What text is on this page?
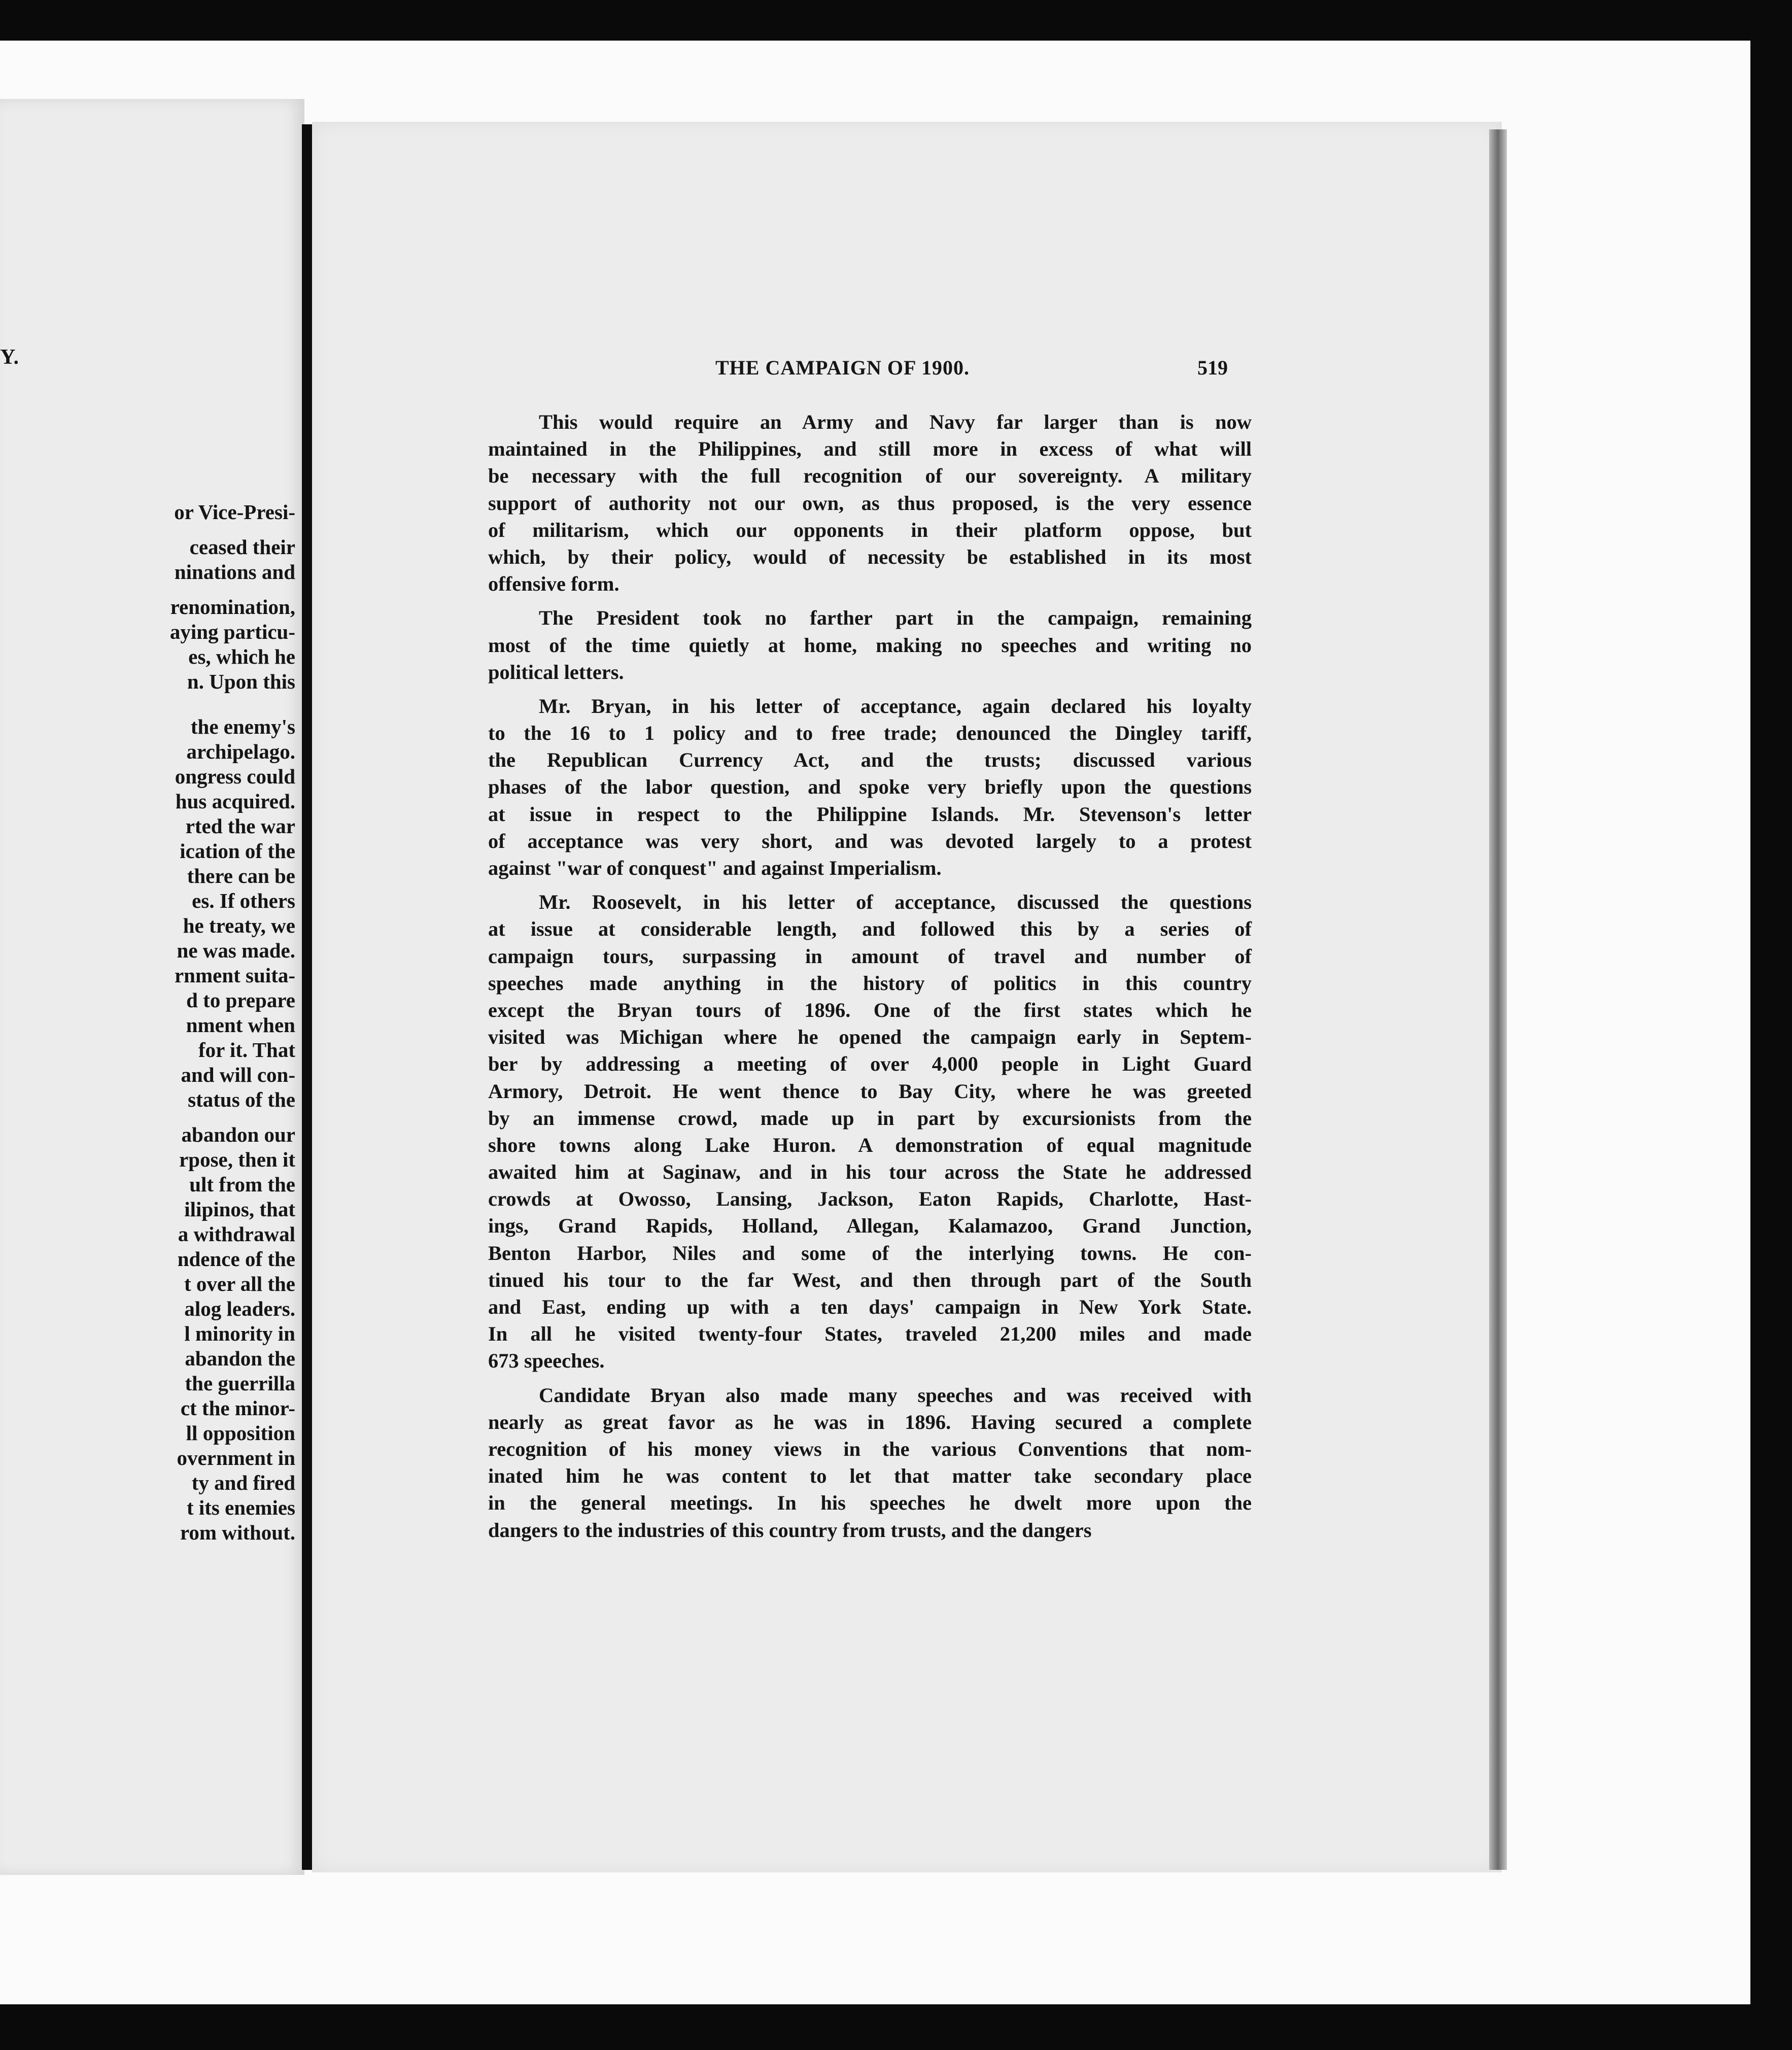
Y.
or Vice-Presi-
ceased their
ninations and
renomination,
aying particu-
es, which he
n. Upon this
the enemy's
archipelago.
ongress could
hus acquired.
rted the war
ication of the
there can be
es. If others
he treaty, we
ne was made.
rnment suita-
d to prepare
nment when
for it. That
and will con-
status of the
abandon our
rpose, then it
ult from the
ilipinos, that
a withdrawal
ndence of the
t over all the
alog leaders.
l minority in
abandon the
the guerrilla
ct the minor-
ll opposition
overnment in
ty and fired
t its enemies
rom without.
THE CAMPAIGN OF 1900.	519
This would require an Army and Navy far larger than is now
maintained in the Philippines, and still more in excess of what will
be necessary with the full recognition of our sovereignty. A military
support of authority not our own, as thus proposed, is the very essence
of militarism, which our opponents in their platform oppose, but
which, by their policy, would of necessity be established in its most
offensive form.
The President took no farther part in the campaign, remaining
most of the time quietly at home, making no speeches and writing no
political letters.
Mr. Bryan, in his letter of acceptance, again declared his loyalty
to the 16 to 1 policy and to free trade; denounced the Dingley tariff,
the Republican Currency Act, and the trusts; discussed various
phases of the labor question, and spoke very briefly upon the questions
at issue in respect to the Philippine Islands. Mr. Stevenson's letter
of acceptance was very short, and was devoted largely to a protest
against "war of conquest" and against Imperialism.
Mr. Roosevelt, in his letter of acceptance, discussed the questions
at issue at considerable length, and followed this by a series of
campaign tours, surpassing in amount of travel and number of
speeches made anything in the history of politics in this country
except the Bryan tours of 1896. One of the first states which he
visited was Michigan where he opened the campaign early in Septem-
ber by addressing a meeting of over 4,000 people in Light Guard
Armory, Detroit. He went thence to Bay City, where he was greeted
by an immense crowd, made up in part by excursionists from the
shore towns along Lake Huron. A demonstration of equal magnitude
awaited him at Saginaw, and in his tour across the State he addressed
crowds at Owosso, Lansing, Jackson, Eaton Rapids, Charlotte, Hast-
ings, Grand Rapids, Holland, Allegan, Kalamazoo, Grand Junction,
Benton Harbor, Niles and some of the interlying towns. He con-
tinued his tour to the far West, and then through part of the South
and East, ending up with a ten days' campaign in New York State.
In all he visited twenty-four States, traveled 21,200 miles and made
673 speeches.
Candidate Bryan also made many speeches and was received with
nearly as great favor as he was in 1896. Having secured a complete
recognition of his money views in the various Conventions that nom-
inated him he was content to let that matter take secondary place
in the general meetings. In his speeches he dwelt more upon the
dangers to the industries of this country from trusts, and the dangers
